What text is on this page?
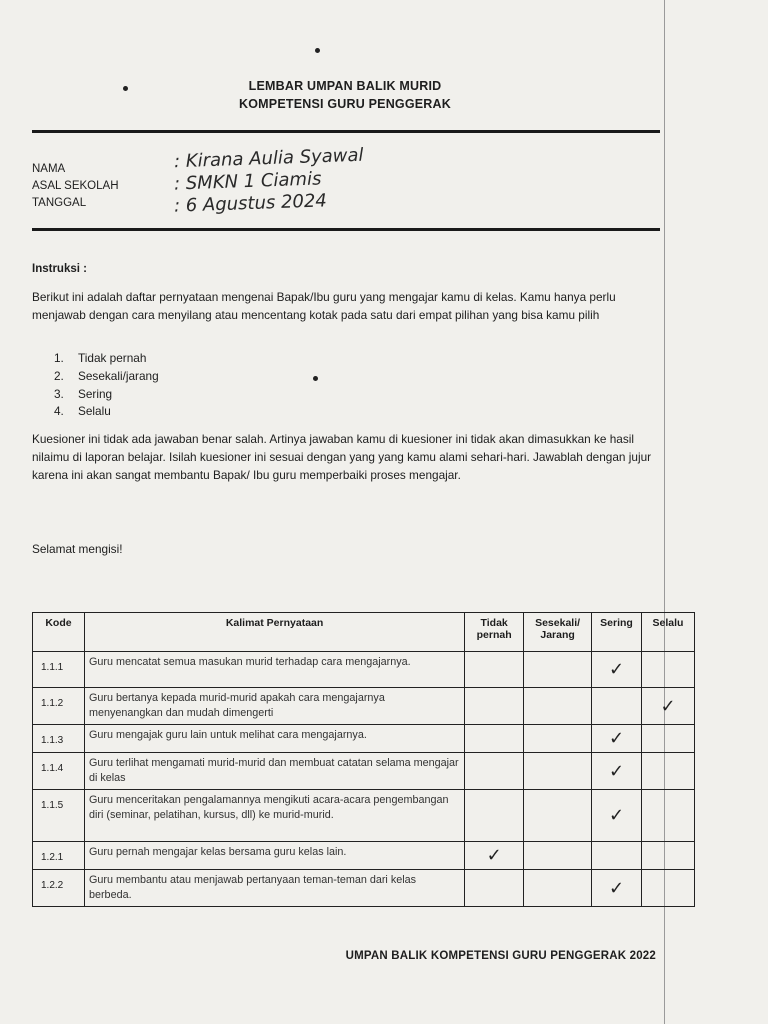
LEMBAR UMPAN BALIK MURID
KOMPETENSI GURU PENGGERAK
NAMA	: Kirana Aulia Syawal
ASAL SEKOLAH	: SMKN 1 Ciamis
TANGGAL	: 6 Agustus 2024
Instruksi :
Berikut ini adalah daftar pernyataan mengenai Bapak/Ibu guru yang mengajar kamu di kelas. Kamu hanya perlu menjawab dengan cara menyilang atau mencentang kotak pada satu dari empat pilihan yang bisa kamu pilih
1. Tidak pernah
2. Sesekali/jarang
3. Sering
4. Selalu
Kuesioner ini tidak ada jawaban benar salah. Artinya jawaban kamu di kuesioner ini tidak akan dimasukkan ke hasil nilaimu di laporan belajar. Isilah kuesioner ini sesuai dengan yang yang kamu alami sehari-hari. Jawablah dengan jujur karena ini akan sangat membantu Bapak/ Ibu guru memperbaiki proses mengajar.
Selamat mengisi!
Kode	Kalimat Pernyataan	Tidak pernah	Sesekali/ Jarang	Sering	Selalu
1.1.1	Guru mencatat semua masukan murid terhadap cara mengajarnya.			✓	
1.1.2	Guru bertanya kepada murid-murid apakah cara mengajarnya menyenangkan dan mudah dimengerti				✓
1.1.3	Guru mengajak guru lain untuk melihat cara mengajarnya.			✓	
1.1.4	Guru terlihat mengamati murid-murid dan membuat catatan selama mengajar di kelas			✓	
1.1.5	Guru menceritakan pengalamannya mengikuti acara-acara pengembangan diri (seminar, pelatihan, kursus, dll) ke murid-murid.			✓	
1.2.1	Guru pernah mengajar kelas bersama guru kelas lain.	✓			
1.2.2	Guru membantu atau menjawab pertanyaan teman-teman dari kelas berbeda.			✓	
UMPAN BALIK KOMPETENSI GURU PENGGERAK 2022
